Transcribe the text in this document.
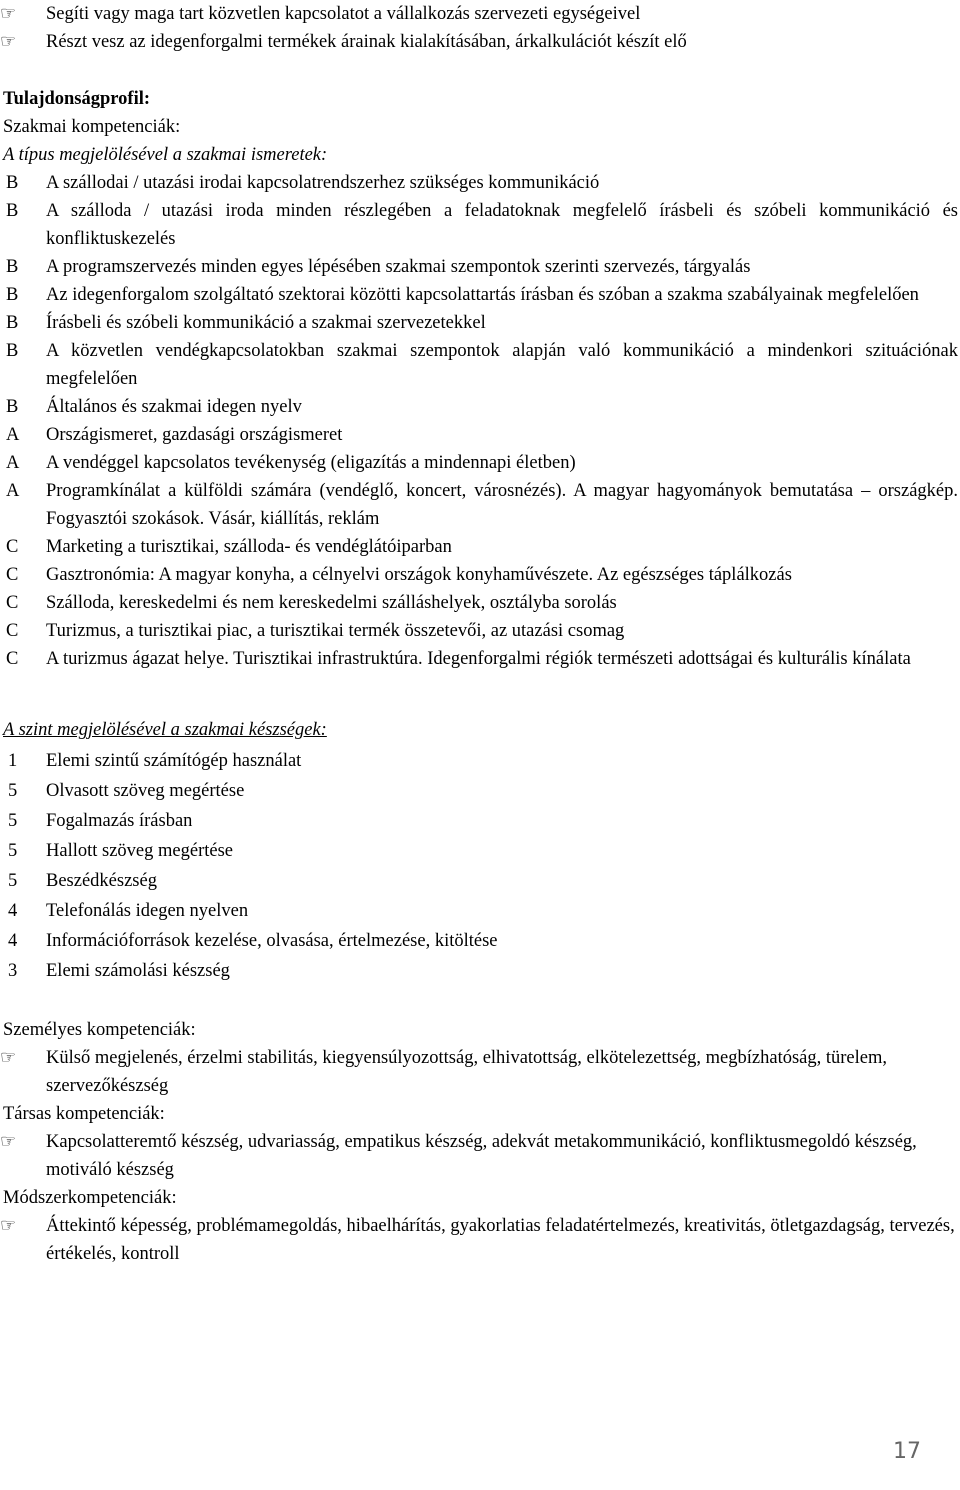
☞	Segíti vagy maga tart közvetlen kapcsolatot a vállalkozás szervezeti egységeivel
☞	Részt vesz az idegenforgalmi termékek árainak kialakításában, árkalkulációt készít elő
Tulajdonságprofil:
Szakmai kompetenciák:
A típus megjelölésével a szakmai ismeretek:
B	A szállodai / utazási irodai kapcsolatrendszerhez szükséges kommunikáció
B	A szálloda / utazási iroda minden részlegében a feladatoknak megfelelő írásbeli és szóbeli kommunikáció és konfliktuskezelés
B	A programszervezés minden egyes lépésében szakmai szempontok szerinti szervezés, tárgyalás
B	Az idegenforgalom szolgáltató szektorai közötti kapcsolattartás írásban és szóban a szakma szabályainak megfelelően
B	Írásbeli és szóbeli kommunikáció a szakmai szervezetekkel
B	A közvetlen vendégkapcsolatokban szakmai szempontok alapján való kommunikáció a mindenkori szituációnak megfelelően
B	Általános és szakmai idegen nyelv
A	Országismeret, gazdasági országismeret
A	A vendéggel kapcsolatos tevékenység (eligazítás a mindennapi életben)
A	Programkínálat a külföldi számára (vendéglő, koncert, városnézés). A magyar hagyományok bemutatása – országkép. Fogyasztói szokások. Vásár, kiállítás, reklám
C	Marketing a turisztikai, szálloda- és vendéglátóiparban
C	Gasztronómia: A magyar konyha, a célnyelvi országok konyhaművészete. Az egészséges táplálkozás
C	Szálloda, kereskedelmi és nem kereskedelmi szálláshelyek, osztályba sorolás
C	Turizmus, a turisztikai piac, a turisztikai termék összetevői, az utazási csomag
C	A turizmus ágazat helye. Turisztikai infrastruktúra. Idegenforgalmi régiók természeti adottságai és kulturális kínálata
A szint megjelölésével a szakmai készségek:
1	Elemi szintű számítógép használat
5	Olvasott szöveg megértése
5	Fogalmazás írásban
5	Hallott szöveg megértése
5	Beszédkészség
4	Telefonálás idegen nyelven
4	Információforrások kezelése, olvasása, értelmezése, kitöltése
3	Elemi számolási készség
Személyes kompetenciák:
☞	Külső megjelenés, érzelmi stabilitás, kiegyensúlyozottság, elhivatottság, elkötelezettség, megbízhatóság, türelem, szervezőkészség
Társas kompetenciák:
☞	Kapcsolatteremtő készség, udvariasság, empatikus készség, adekvát metakommunikáció, konfliktusmegoldó készség, motiváló készség
Módszerkompetenciák:
☞	Áttekintő képesség, problémamegoldás, hibaelhárítás, gyakorlatias feladatértelmezés, kreativitás, ötletgazdagság, tervezés, értékelés, kontroll
17
